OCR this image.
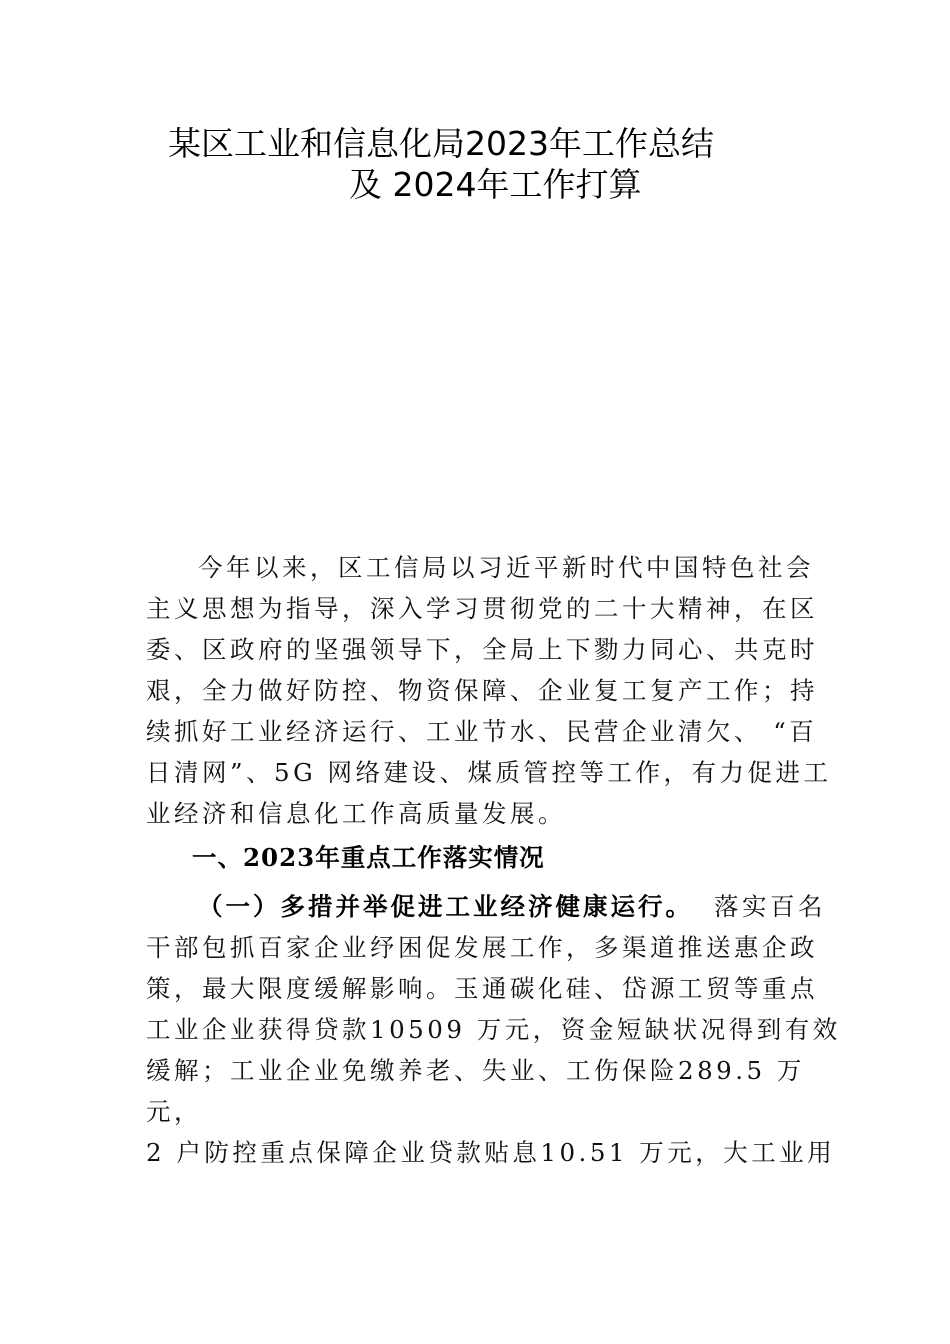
某区工业和信息化局2023年工作总结
及 2024年工作打算
今年以来，区工信局以习近平新时代中国特色社会
主义思想为指导，深入学习贯彻党的二十大精神，在区
委、区政府的坚强领导下，全局上下勠力同心、共克时
艰，全力做好防控、物资保障、企业复工复产工作；持
续抓好工业经济运行、工业节水、民营企业清欠、 “百
日清网”、5G 网络建设、煤质管控等工作，有力促进工
业经济和信息化工作高质量发展。
一、2023年重点工作落实情况
（一）多措并举促进工业经济健康运行。 落实百名
干部包抓百家企业纾困促发展工作，多渠道推送惠企政
策，最大限度缓解影响。玉通碳化硅、岱源工贸等重点
工业企业获得贷款10509 万元，资金短缺状况得到有效
缓解；工业企业免缴养老、失业、工伤保险289.5 万
元，
2 户防控重点保障企业贷款贴息10.51 万元，大工业用
